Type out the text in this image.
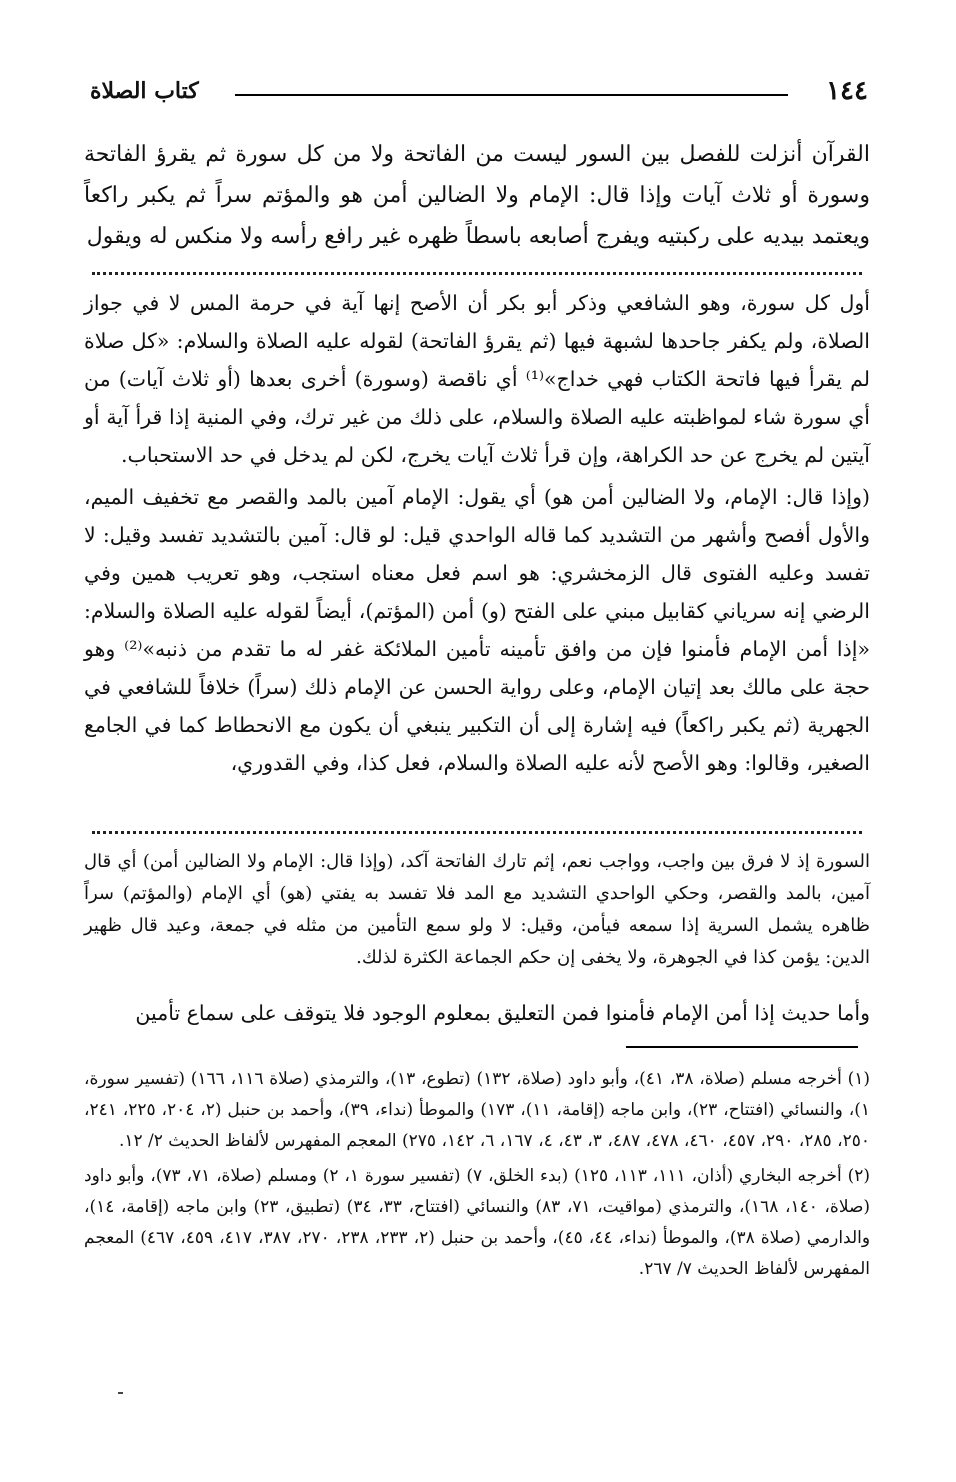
١٤٤
كتاب الصلاة

القرآن أنزلت للفصل بين السور ليست من الفاتحة ولا من كل سورة ثم يقرؤ الفاتحة وسورة أو ثلاث آيات وإذا قال: الإمام ولا الضالين أمن هو والمؤتم سراً ثم يكبر راكعاً ويعتمد بيديه على ركبتيه ويفرج أصابعه باسطاً ظهره غير رافع رأسه ولا منكس له ويقول

أول كل سورة، وهو الشافعي وذكر أبو بكر أن الأصح إنها آية في حرمة المس لا في جواز الصلاة، ولم يكفر جاحدها لشبهة فيها (ثم يقرؤ الفاتحة) لقوله عليه الصلاة والسلام: «كل صلاة لم يقرأ فيها فاتحة الكتاب فهي خداج»⁽¹⁾ أي ناقصة (وسورة) أخرى بعدها (أو ثلاث آيات) من أي سورة شاء لمواظبته عليه الصلاة والسلام، على ذلك من غير ترك، وفي المنية إذا قرأ آية أو آيتين لم يخرج عن حد الكراهة، وإن قرأ ثلاث آيات يخرج، لكن لم يدخل في حد الاستحباب.

(وإذا قال: الإمام، ولا الضالين أمن هو) أي يقول: الإمام آمين بالمد والقصر مع تخفيف الميم، والأول أفصح وأشهر من التشديد كما قاله الواحدي قيل: لو قال: آمين بالتشديد تفسد وقيل: لا تفسد وعليه الفتوى قال الزمخشري: هو اسم فعل معناه استجب، وهو تعريب همين وفي الرضي إنه سرياني كقابيل مبني على الفتح (و) أمن (المؤتم)، أيضاً لقوله عليه الصلاة والسلام: «إذا أمن الإمام فأمنوا فإن من وافق تأمينه تأمين الملائكة غفر له ما تقدم من ذنبه»⁽²⁾ وهو حجة على مالك بعد إتيان الإمام، وعلى رواية الحسن عن الإمام ذلك (سراً) خلافاً للشافعي في الجهرية (ثم يكبر راكعاً) فيه إشارة إلى أن التكبير ينبغي أن يكون مع الانحطاط كما في الجامع الصغير، وقالوا: وهو الأصح لأنه عليه الصلاة والسلام، فعل كذا، وفي القدوري،

السورة إذ لا فرق بين واجب، وواجب نعم، إثم تارك الفاتحة آكد، (وإذا قال: الإمام ولا الضالين أمن) أي قال آمين، بالمد والقصر، وحكي الواحدي التشديد مع المد فلا تفسد به يفتي (هو) أي الإمام (والمؤتم) سراً ظاهره يشمل السرية إذا سمعه فيأمن، وقيل: لا ولو سمع التأمين من مثله في جمعة، وعيد قال ظهير الدين: يؤمن كذا في الجوهرة، ولا يخفى إن حكم الجماعة الكثرة لذلك.

وأما حديث إذا أمن الإمام فأمنوا فمن التعليق بمعلوم الوجود فلا يتوقف على سماع تأمين

(١) أخرجه مسلم (صلاة، ٣٨، ٤١)، وأبو داود (صلاة، ١٣٢) (تطوع، ١٣)، والترمذي (صلاة ١١٦، ١٦٦) (تفسير سورة، ١)، والنسائي (افتتاح، ٢٣)، وابن ماجه (إقامة، ١١)، ١٧٣) والموطأ (نداء، ٣٩)، وأحمد بن حنبل (٢، ٢٠٤، ٢٢٥، ٢٤١، ٢٥٠، ٢٨٥، ٢٩٠، ٤٥٧، ٤٦٠، ٤٧٨، ٤٨٧، ٣، ٤٣، ٤، ١٦٧، ٦، ١٤٢، ٢٧٥) المعجم المفهرس لألفاظ الحديث ٢/ ١٢.

(٢) أخرجه البخاري (أذان، ١١١، ١١٣، ١٢٥) (بدء الخلق، ٧) (تفسير سورة ١، ٢) ومسلم (صلاة، ٧١، ٧٣)، وأبو داود (صلاة، ١٤٠، ١٦٨)، والترمذي (مواقيت، ٧١، ٨٣) والنسائي (افتتاح، ٣٣، ٣٤) (تطبيق، ٢٣) وابن ماجه (إقامة، ١٤)، والدارمي (صلاة ٣٨)، والموطأ (نداء، ٤٤، ٤٥)، وأحمد بن حنبل (٢، ٢٣٣، ٢٣٨، ٢٧٠، ٣٨٧، ٤١٧، ٤٥٩، ٤٦٧) المعجم المفهرس لألفاظ الحديث ٧/ ٢٦٧.
